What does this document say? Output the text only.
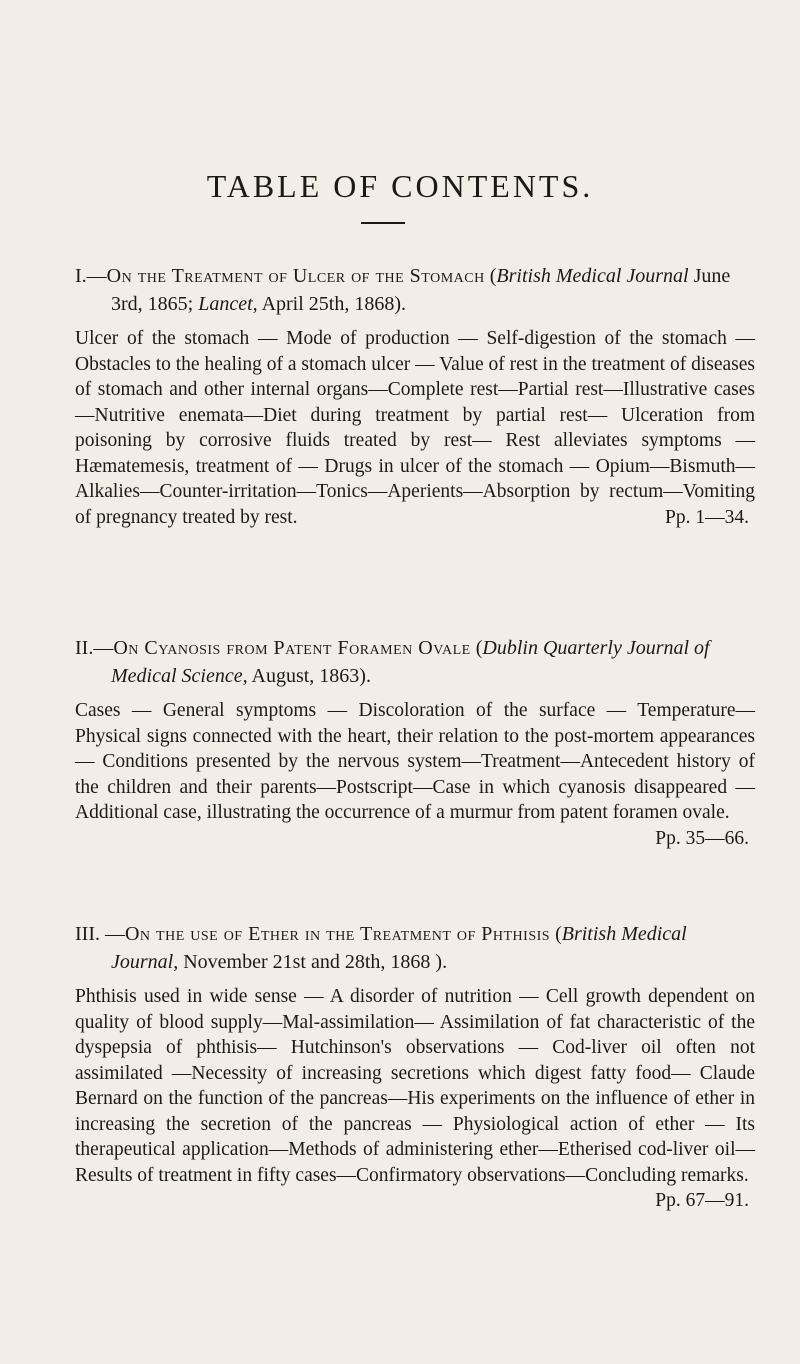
TABLE OF CONTENTS.

I.—On the Treatment of Ulcer of the Stomach (British Medical Journal June 3rd, 1865; Lancet, April 25th, 1868).

Ulcer of the stomach — Mode of production — Self-digestion of the stomach — Obstacles to the healing of a stomach ulcer — Value of rest in the treatment of diseases of stomach and other internal organs—Complete rest—Partial rest—Illustrative cases —Nutritive enemata—Diet during treatment by partial rest— Ulceration from poisoning by corrosive fluids treated by rest— Rest alleviates symptoms — Hæmatemesis, treatment of — Drugs in ulcer of the stomach — Opium—Bismuth—Alkalies—Counter-irritation—Tonics—Aperients—Absorption by rectum—Vomiting of pregnancy treated by rest.	Pp. 1—34.

II.—On Cyanosis from Patent Foramen Ovale (Dublin Quarterly Journal of Medical Science, August, 1863).

Cases — General symptoms — Discoloration of the surface — Temperature—Physical signs connected with the heart, their relation to the post-mortem appearances — Conditions presented by the nervous system—Treatment—Antecedent history of the children and their parents—Postscript—Case in which cyanosis disappeared — Additional case, illustrating the occurrence of a murmur from patent foramen ovale.
Pp. 35—66.

III. —On the use of Ether in the Treatment of Phthisis (British Medical Journal, November 21st and 28th, 1868 ).

Phthisis used in wide sense — A disorder of nutrition — Cell growth dependent on quality of blood supply—Mal-assimilation— Assimilation of fat characteristic of the dyspepsia of phthisis— Hutchinson's observations — Cod-liver oil often not assimilated —Necessity of increasing secretions which digest fatty food— Claude Bernard on the function of the pancreas—His experiments on the influence of ether in increasing the secretion of the pancreas — Physiological action of ether — Its therapeutical application—Methods of administering ether—Etherised cod-liver oil—Results of treatment in fifty cases—Confirmatory observations—Concluding remarks.
Pp. 67—91.
